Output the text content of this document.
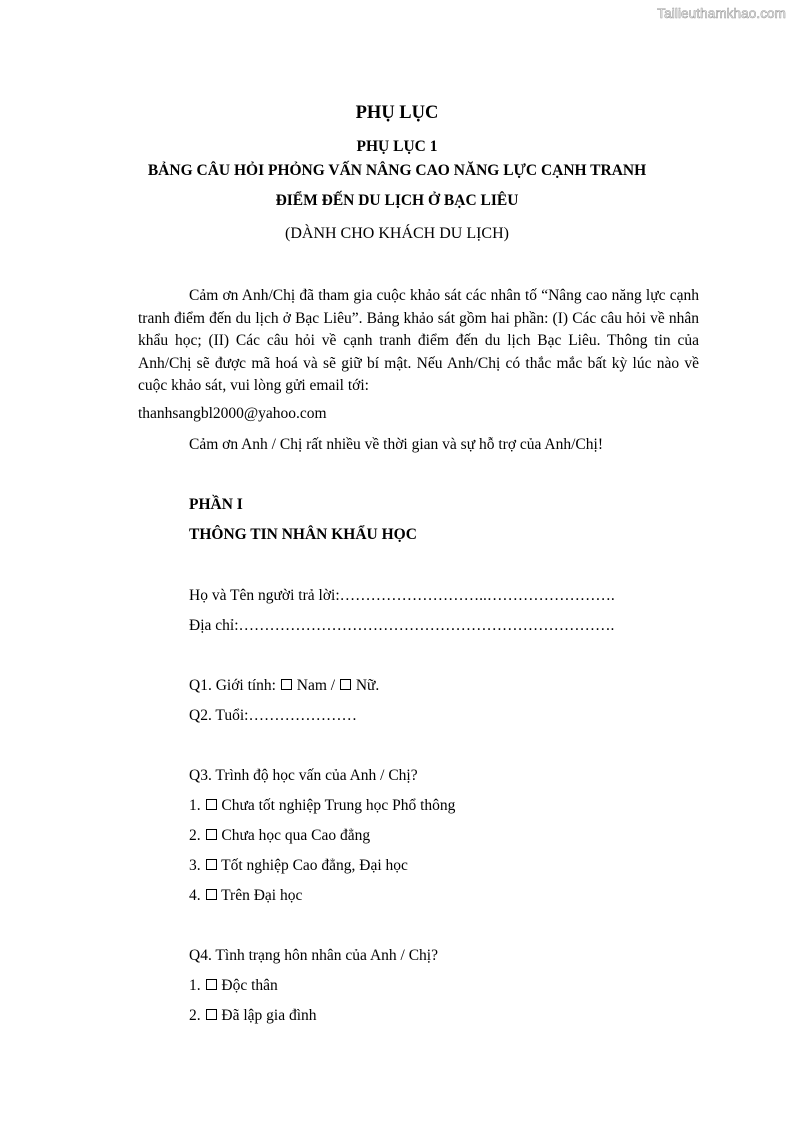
Tailieuthamkhao.com
PHỤ LỤC
PHỤ LỤC 1
BẢNG CÂU HỎI PHỎNG VẤN NÂNG CAO NĂNG LỰC CẠNH TRANH
ĐIỂM ĐẾN DU LỊCH Ở BẠC LIÊU
(DÀNH CHO KHÁCH DU LỊCH)

Cảm ơn Anh/Chị đã tham gia cuộc khảo sát các nhân tố “Nâng cao năng lực cạnh tranh điểm đến du lịch ở Bạc Liêu”. Bảng khảo sát gồm hai phần: (I) Các câu hỏi về nhân khẩu học; (II) Các câu hỏi về cạnh tranh điểm đến du lịch Bạc Liêu. Thông tin của Anh/Chị sẽ được mã hoá và sẽ giữ bí mật. Nếu Anh/Chị có thắc mắc bất kỳ lúc nào về cuộc khảo sát, vui lòng gửi email tới:

thanhsangbl2000@yahoo.com
Cảm ơn Anh / Chị rất nhiều về thời gian và sự hỗ trợ của Anh/Chị!
PHẦN I
THÔNG TIN NHÂN KHẨU HỌC
Họ và Tên người trả lời:………………………..…………………….
Địa chỉ:……………………………………………………………….
Q1. Giới tính: Nam / Nữ.
Q2. Tuổi:…………………
Q3. Trình độ học vấn của Anh / Chị?
1. Chưa tốt nghiệp Trung học Phổ thông
2. Chưa học qua Cao đẳng
3. Tốt nghiệp Cao đẳng, Đại học
4. Trên Đại học
Q4. Tình trạng hôn nhân của Anh / Chị?
1. Độc thân
2. Đã lập gia đình
